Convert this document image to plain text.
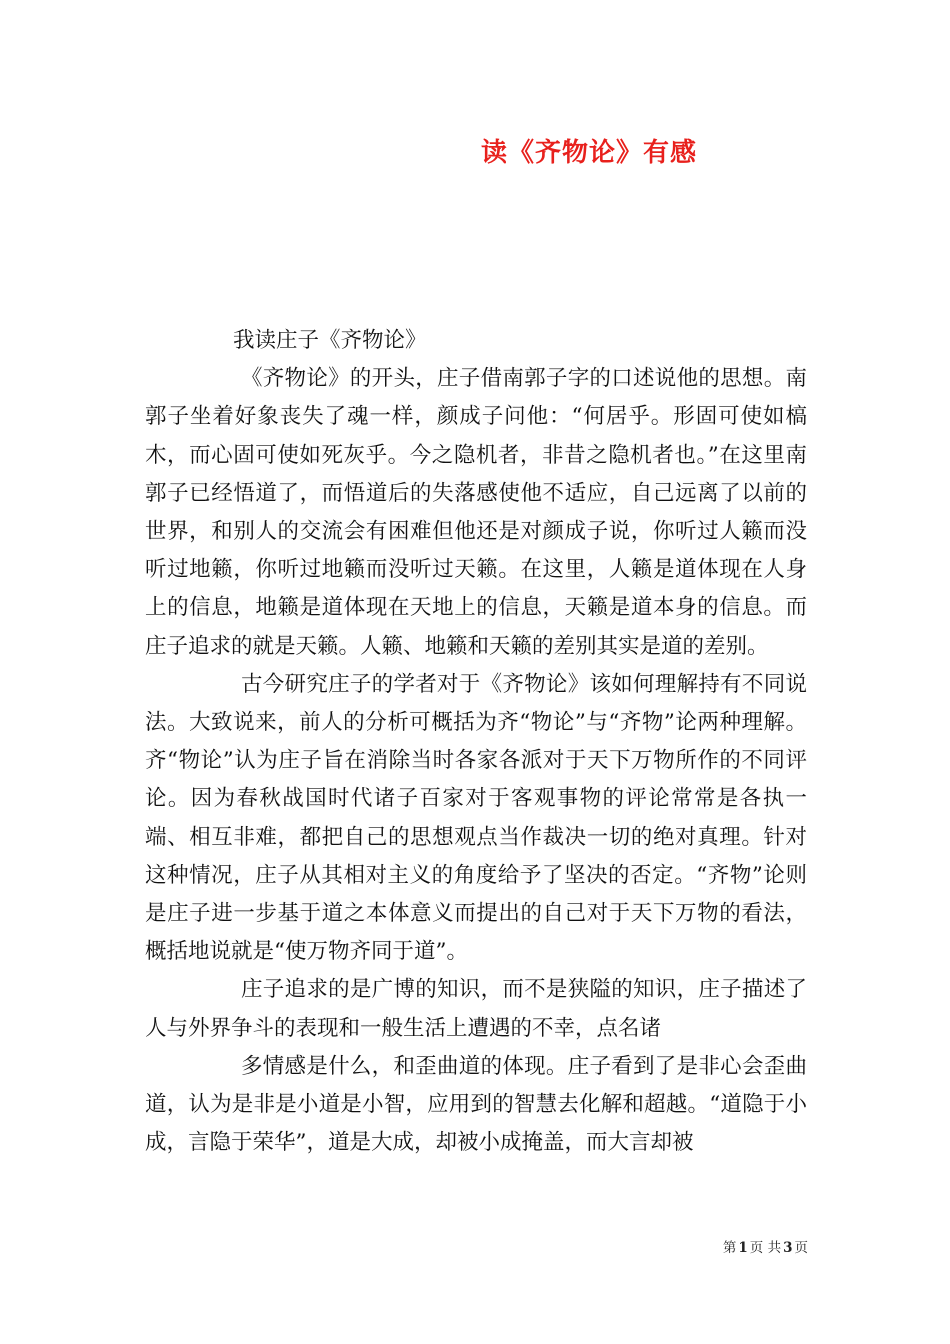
读《齐物论》有感

我读庄子《齐物论》

《齐物论》的开头，庄子借南郭子字的口述说他的思想。南郭子坐着好象丧失了魂一样，颜成子问他：“何居乎。形固可使如槁木，而心固可使如死灰乎。今之隐机者，非昔之隐机者也。”在这里南郭子已经悟道了，而悟道后的失落感使他不适应，自己远离了以前的世界，和别人的交流会有困难但他还是对颜成子说，你听过人籁而没听过地籁，你听过地籁而没听过天籁。在这里，人籁是道体现在人身上的信息，地籁是道体现在天地上的信息，天籁是道本身的信息。而庄子追求的就是天籁。人籁、地籁和天籁的差别其实是道的差别。

古今研究庄子的学者对于《齐物论》该如何理解持有不同说法。大致说来，前人的分析可概括为齐“物论”与“齐物”论两种理解。齐“物论”认为庄子旨在消除当时各家各派对于天下万物所作的不同评论。因为春秋战国时代诸子百家对于客观事物的评论常常是各执一端、相互非难，都把自己的思想观点当作裁决一切的绝对真理。针对这种情况，庄子从其相对主义的角度给予了坚决的否定。“齐物”论则是庄子进一步基于道之本体意义而提出的自己对于天下万物的看法，概括地说就是“使万物齐同于道”。

庄子追求的是广博的知识，而不是狭隘的知识，庄子描述了人与外界争斗的表现和一般生活上遭遇的不幸，点名诸

多情感是什么，和歪曲道的体现。庄子看到了是非心会歪曲道，认为是非是小道是小智，应用到的智慧去化解和超越。“道隐于小成，言隐于荣华”，道是大成，却被小成掩盖，而大言却被

第 1 页 共 3 页
